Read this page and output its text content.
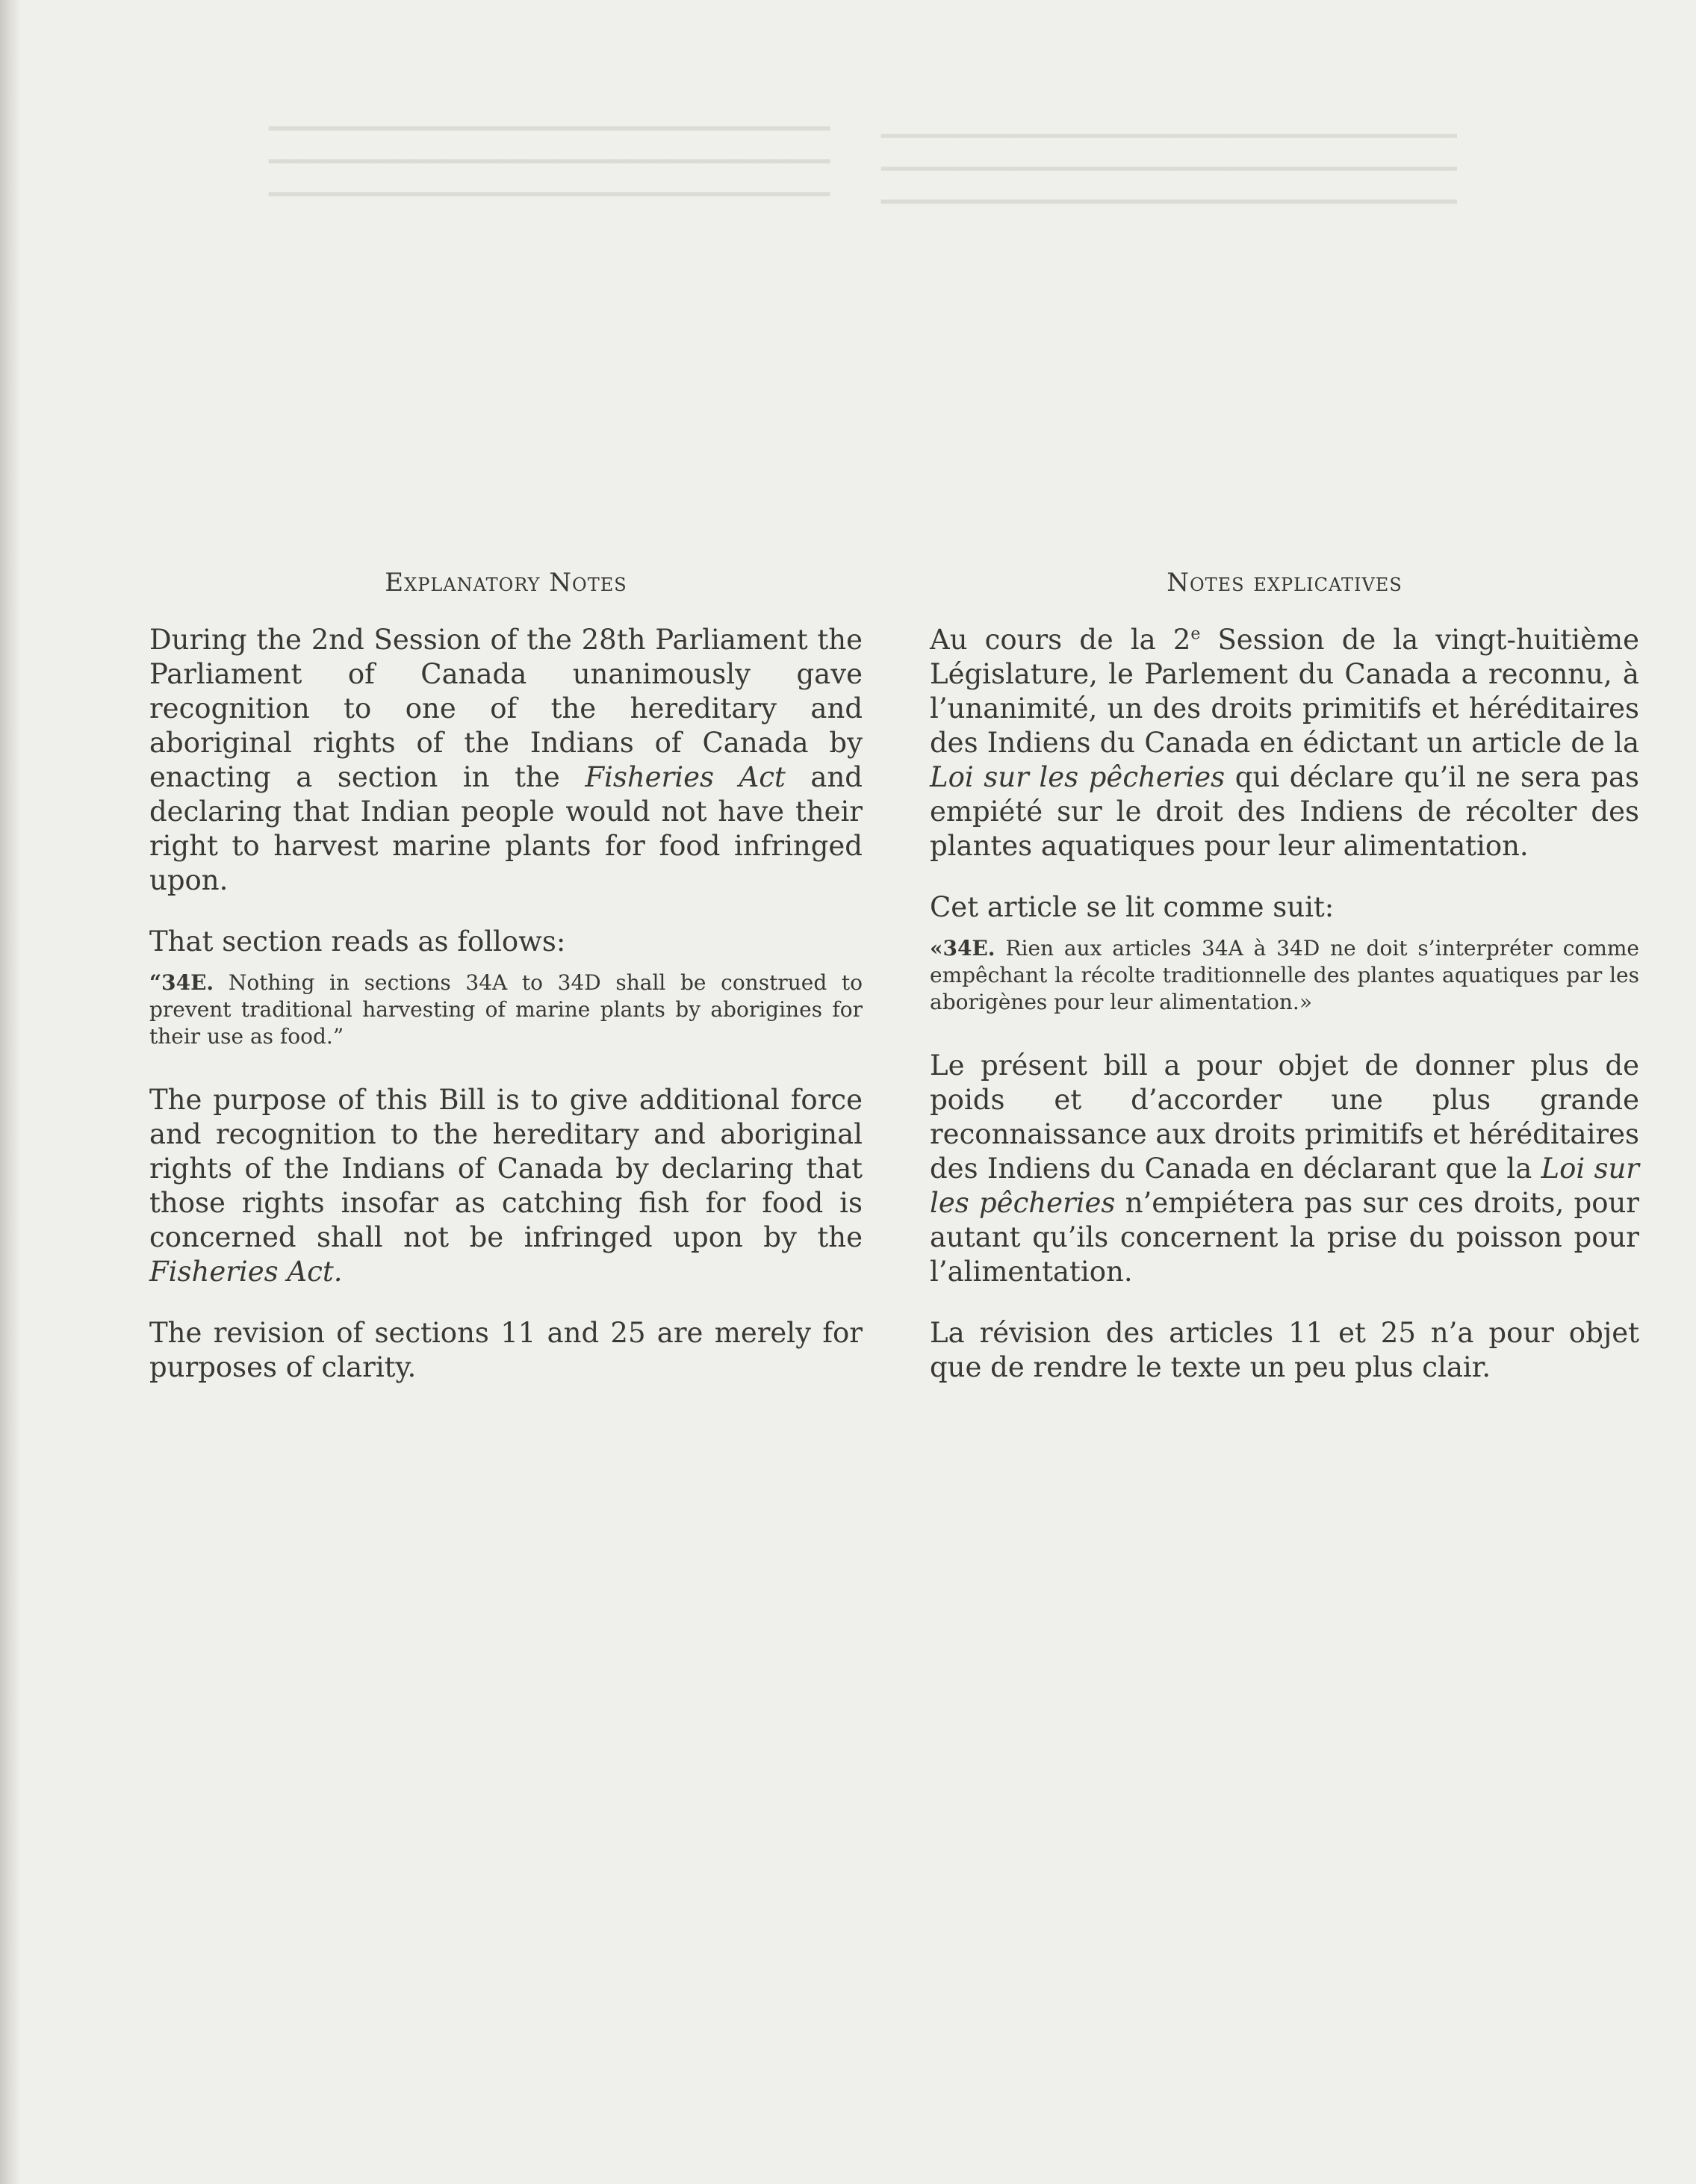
━━━━━━━━━━━━━━━━━━━━━━━━━━━━━━━━━━━━━━━
━━━━━━━━━━━━━━━━━━━━━━━━━━━━━━━━━━━━━━━
━━━━━━━━━━━━━━━━━━━━━━━━━━━━━━━━━━━━━━━
━━━━━━━━━━━━━━━━━━━━━━━━━━━━━━━━━━━━━━━━
━━━━━━━━━━━━━━━━━━━━━━━━━━━━━━━━━━━━━━━━
━━━━━━━━━━━━━━━━━━━━━━━━━━━━━━━━━━━━━━━━
Explanatory Notes

During the 2nd Session of the 28th Parliament the Parliament of Canada unanimously gave recognition to one of the hereditary and aboriginal rights of the Indians of Canada by enacting a section in the Fisheries Act and declaring that Indian people would not have their right to harvest marine plants for food infringed upon.

That section reads as follows:

“34E. Nothing in sections 34A to 34D shall be construed to prevent traditional harvesting of marine plants by aborigines for their use as food.”

The purpose of this Bill is to give additional force and recognition to the hereditary and aboriginal rights of the Indians of Canada by declaring that those rights insofar as catching fish for food is concerned shall not be infringed upon by the Fisheries Act.

The revision of sections 11 and 25 are merely for purposes of clarity.

Notes explicatives

Au cours de la 2e Session de la vingt-huitième Législature, le Parlement du Canada a reconnu, à l’unanimité, un des droits primitifs et héréditaires des Indiens du Canada en édictant un article de la Loi sur les pêcheries qui déclare qu’il ne sera pas empiété sur le droit des Indiens de récolter des plantes aquatiques pour leur alimentation.

Cet article se lit comme suit:

«34E. Rien aux articles 34A à 34D ne doit s’interpréter comme empêchant la récolte traditionnelle des plantes aquatiques par les aborigènes pour leur alimentation.»

Le présent bill a pour objet de donner plus de poids et d’accorder une plus grande reconnaissance aux droits primitifs et héréditaires des Indiens du Canada en déclarant que la Loi sur les pêcheries n’empiétera pas sur ces droits, pour autant qu’ils concernent la prise du poisson pour l’alimentation.

La révision des articles 11 et 25 n’a pour objet que de rendre le texte un peu plus clair.
